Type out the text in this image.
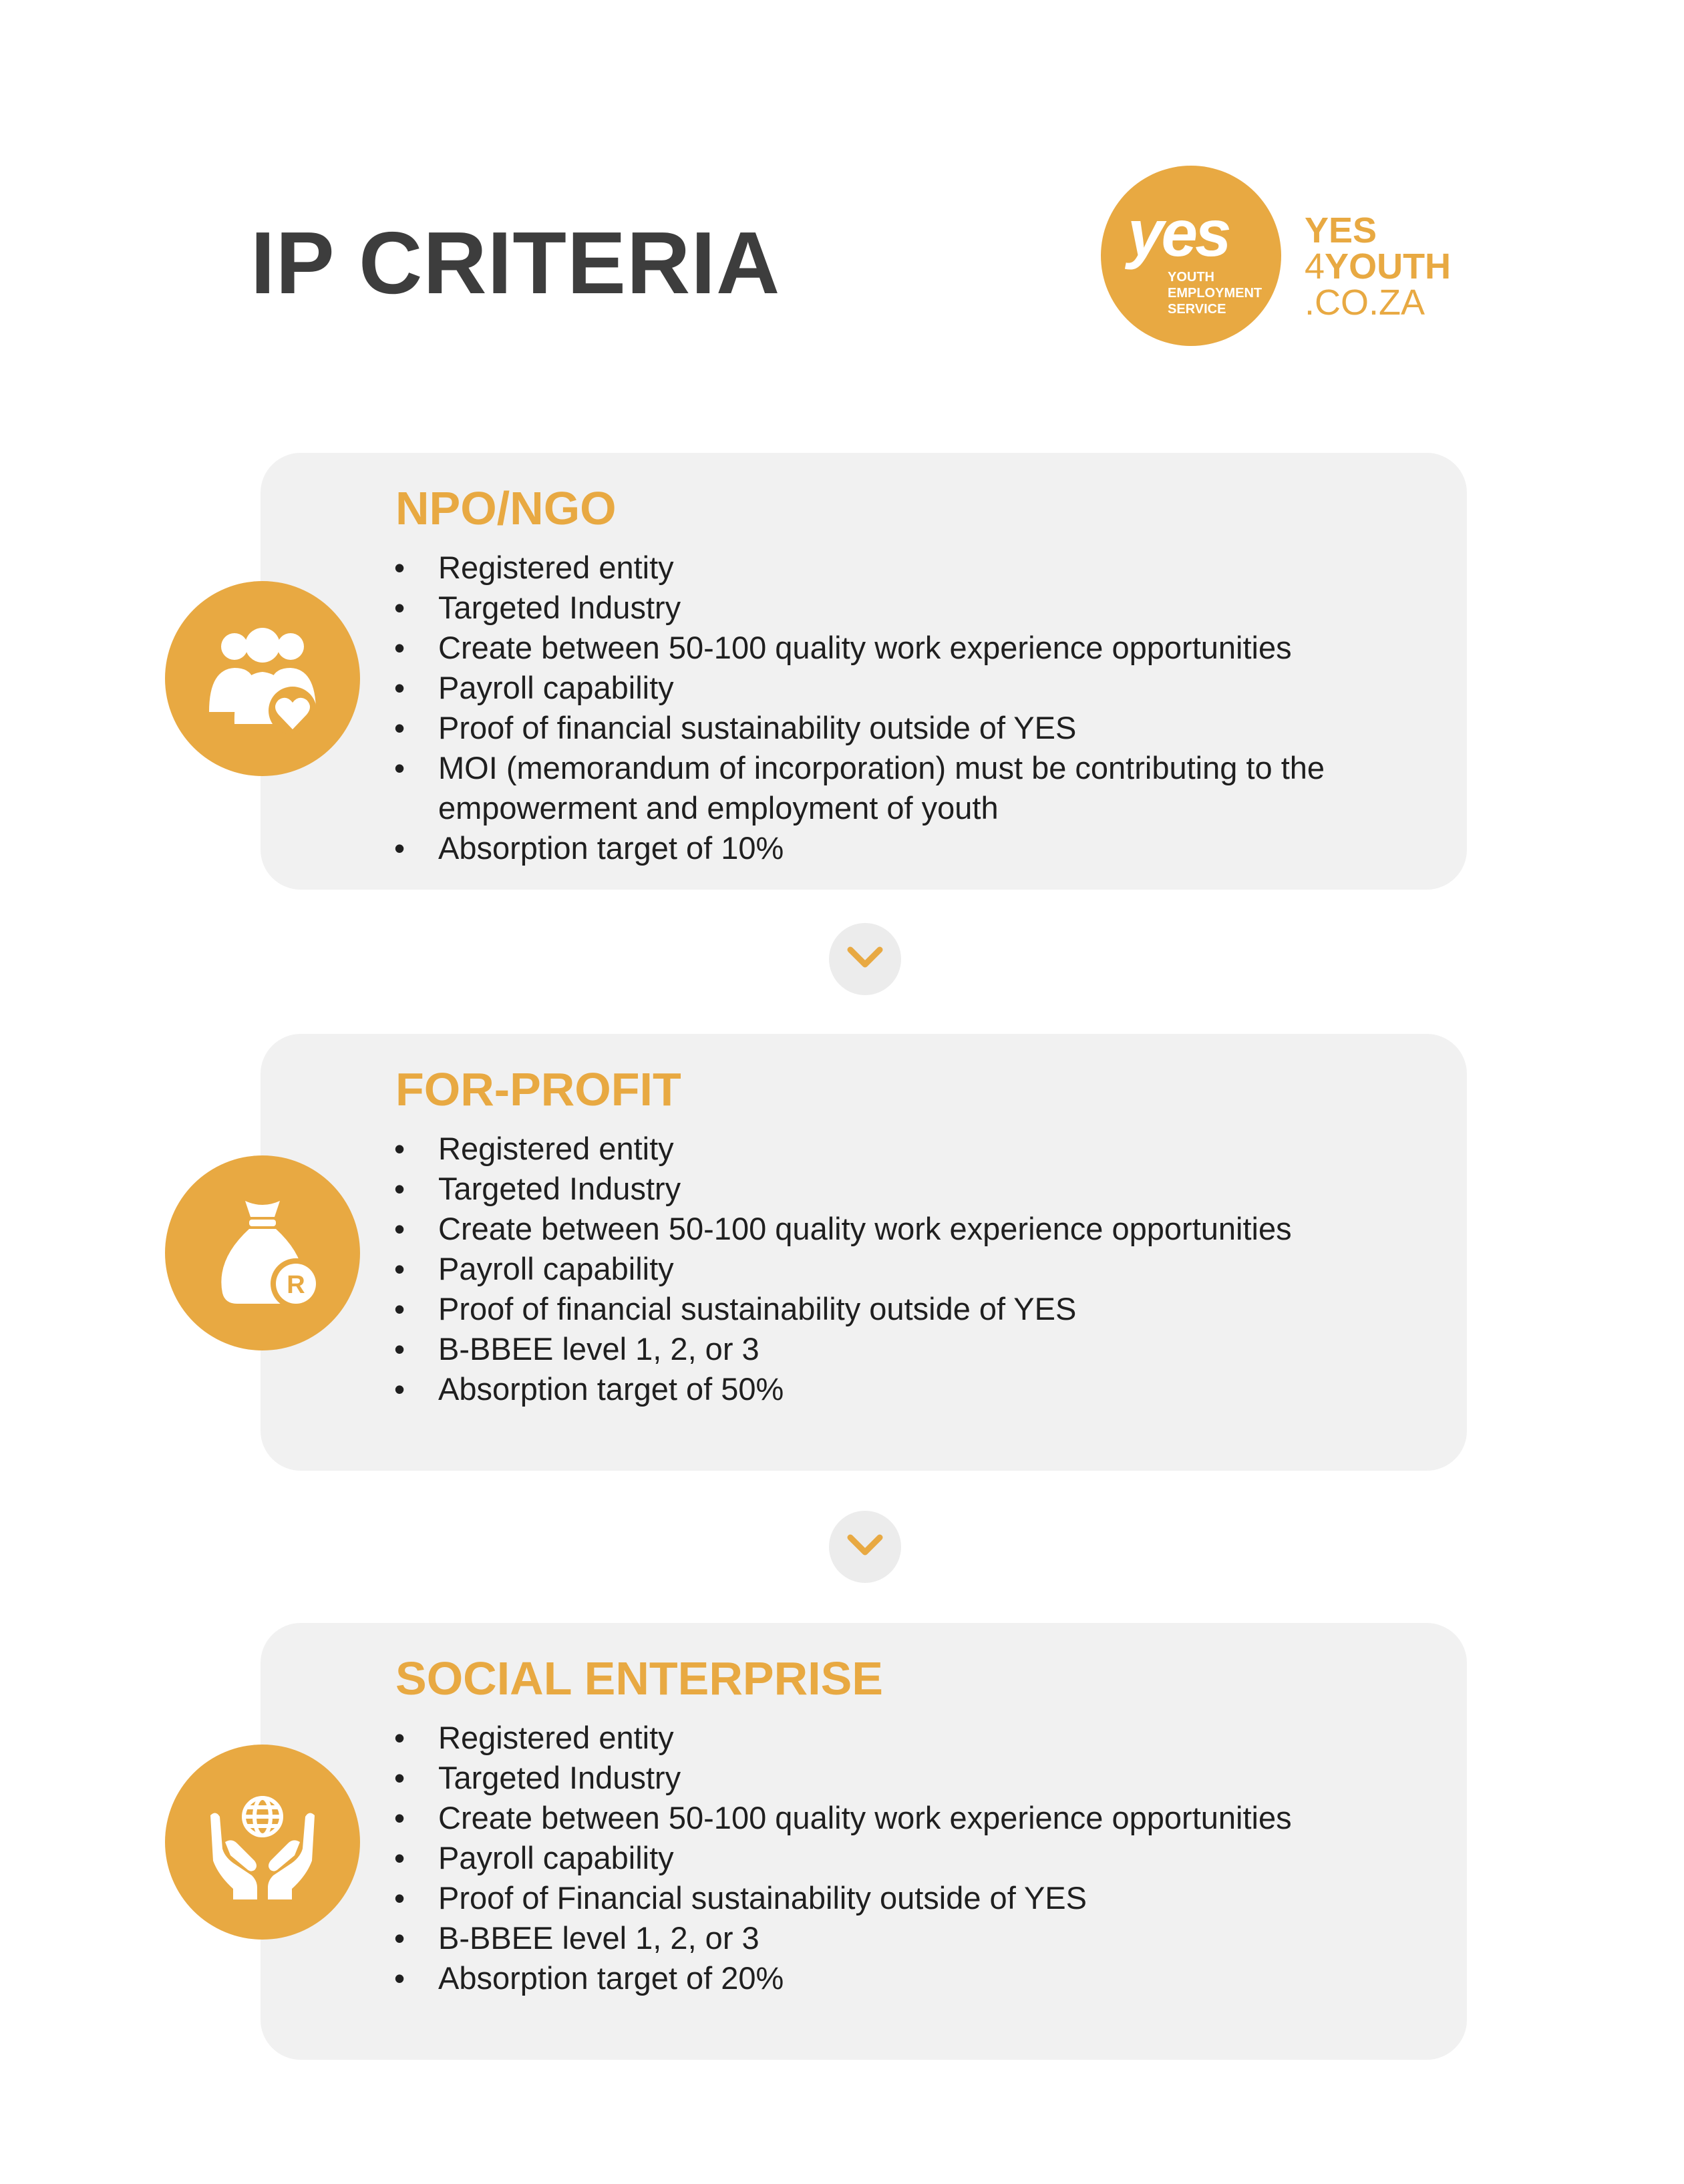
IP CRITERIA	yes
YOUTH
EMPLOYMENT
SERVICE
YES
4YOUTH
.CO.ZA
NPO/NGO
• Registered entity
• Targeted Industry
• Create between 50-100 quality work experience opportunities
• Payroll capability
• Proof of financial sustainability outside of YES
• MOI (memorandum of incorporation) must be contributing to the empowerment and employment of youth
• Absorption target of 10%
FOR-PROFIT
• Registered entity
• Targeted Industry
• Create between 50-100 quality work experience opportunities
• Payroll capability
• Proof of financial sustainability outside of YES
• B-BBEE level 1, 2, or 3
• Absorption target of 50%
R
SOCIAL ENTERPRISE
• Registered entity
• Targeted Industry
• Create between 50-100 quality work experience opportunities
• Payroll capability
• Proof of Financial sustainability outside of YES
• B-BBEE level 1, 2, or 3
• Absorption target of 20%
